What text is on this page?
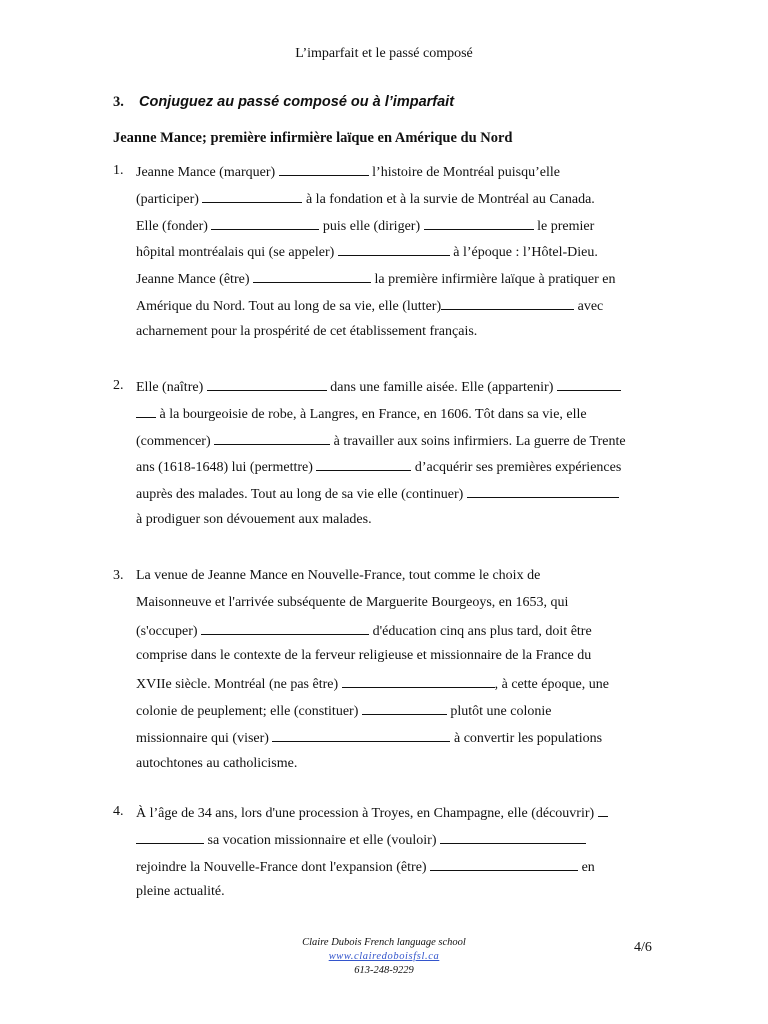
L’imparfait et le passé composé
3. Conjuguez au passé composé ou à l’imparfait
Jeanne Mance; première infirmière laïque en Amérique du Nord
1. Jeanne Mance (marquer)	l’histoire de Montréal puisqu’elle
(participer)	à la fondation et à la survie de Montréal au Canada.
Elle (fonder)	puis elle (diriger)	le premier
hôpital montréalais qui (se appeler)	à l’époque : l’Hôtel-Dieu.
Jeanne Mance (être)	la première infirmière laïque à pratiquer en
Amérique du Nord. Tout au long de sa vie, elle (lutter)	avec
acharnement pour la prospérité de cet établissement français.
2. Elle (naître)	dans une famille aisée. Elle (appartenir)
à la bourgeoisie de robe, à Langres, en France, en 1606. Tôt dans sa vie, elle
(commencer)	à travailler aux soins infirmiers. La guerre de Trente
ans (1618-1648) lui (permettre)	d’acquérir ses premières expériences
auprès des malades. Tout au long de sa vie elle (continuer)
à prodiguer son dévouement aux malades.
3. La venue de Jeanne Mance en Nouvelle-France, tout comme le choix de
Maisonneuve et l'arrivée subséquente de Marguerite Bourgeoys, en 1653, qui
(s'occuper)	d'éducation cinq ans plus tard, doit être
comprise dans le contexte de la ferveur religieuse et missionnaire de la France du
XVIIe siècle. Montréal (ne pas être)	, à cette époque, une
colonie de peuplement; elle (constituer)	plutôt une colonie
missionnaire qui (viser)	à convertir les populations
autochtones au catholicisme.
4. À l’âge de 34 ans, lors d'une procession à Troyes, en Champagne, elle (découvrir)
sa vocation missionnaire et elle (vouloir)
rejoindre la Nouvelle-France dont l'expansion (être)	en
pleine actualité.
Claire Dubois French language school
www.clairedoboisfsl.ca
613-248-9229
4/6
